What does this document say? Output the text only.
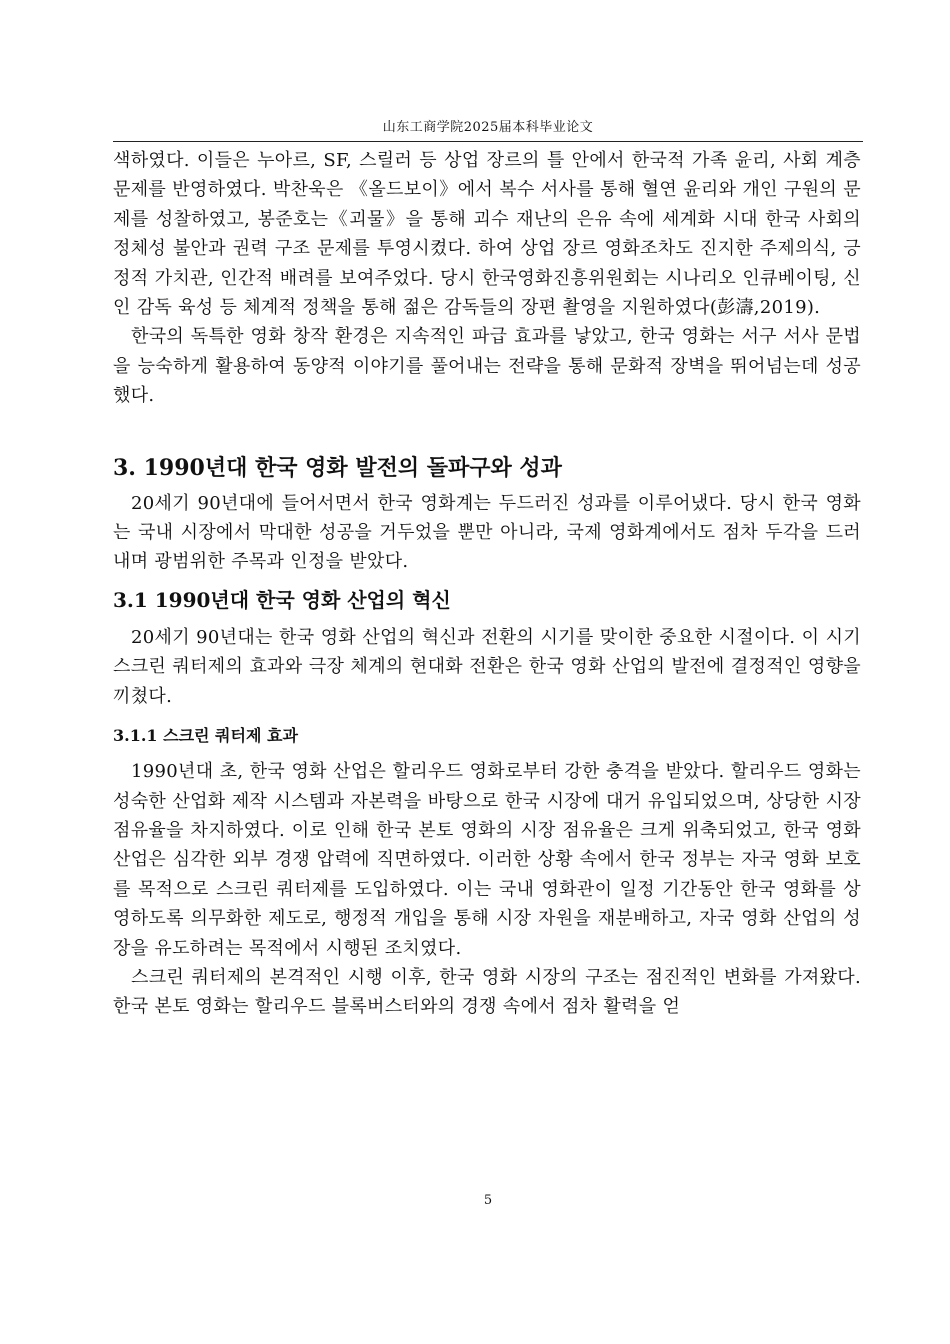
山东工商学院2025届本科毕业论文

색하였다. 이들은 누아르, SF, 스릴러 등 상업 장르의 틀 안에서 한국적 가족 윤리, 사회 계층 문제를 반영하였다. 박찬욱은 《올드보이》에서 복수 서사를 통해 혈연 윤리와 개인 구원의 문제를 성찰하였고, 봉준호는《괴물》을 통해 괴수 재난의 은유 속에 세계화 시대 한국 사회의 정체성 불안과 권력 구조 문제를 투영시켰다. 하여 상업 장르 영화조차도 진지한 주제의식, 긍정적 가치관, 인간적 배려를 보여주었다. 당시 한국영화진흥위원회는 시나리오 인큐베이팅, 신인 감독 육성 등 체계적 정책을 통해 젊은 감독들의 장편 촬영을 지원하였다(彭濤,2019).

한국의 독특한 영화 창작 환경은 지속적인 파급 효과를 낳았고, 한국 영화는 서구 서사 문법을 능숙하게 활용하여 동양적 이야기를 풀어내는 전략을 통해 문화적 장벽을 뛰어넘는데 성공했다.

3. 1990년대 한국 영화 발전의 돌파구와 성과

20세기 90년대에 들어서면서 한국 영화계는 두드러진 성과를 이루어냈다. 당시 한국 영화는 국내 시장에서 막대한 성공을 거두었을 뿐만 아니라, 국제 영화계에서도 점차 두각을 드러내며 광범위한 주목과 인정을 받았다.

3.1 1990년대 한국 영화 산업의 혁신

20세기 90년대는 한국 영화 산업의 혁신과 전환의 시기를 맞이한 중요한 시절이다. 이 시기 스크린 쿼터제의 효과와 극장 체계의 현대화 전환은 한국 영화 산업의 발전에 결정적인 영향을 끼쳤다.

3.1.1 스크린 쿼터제 효과

1990년대 초, 한국 영화 산업은 할리우드 영화로부터 강한 충격을 받았다. 할리우드 영화는 성숙한 산업화 제작 시스템과 자본력을 바탕으로 한국 시장에 대거 유입되었으며, 상당한 시장 점유율을 차지하였다. 이로 인해 한국 본토 영화의 시장 점유율은 크게 위축되었고, 한국 영화 산업은 심각한 외부 경쟁 압력에 직면하였다. 이러한 상황 속에서 한국 정부는 자국 영화 보호를 목적으로 스크린 쿼터제를 도입하였다. 이는 국내 영화관이 일정 기간동안 한국 영화를 상영하도록 의무화한 제도로, 행정적 개입을 통해 시장 자원을 재분배하고, 자국 영화 산업의 성장을 유도하려는 목적에서 시행된 조치였다.

스크린 쿼터제의 본격적인 시행 이후, 한국 영화 시장의 구조는 점진적인 변화를 가져왔다. 한국 본토 영화는 할리우드 블록버스터와의 경쟁 속에서 점차 활력을 얻

5
